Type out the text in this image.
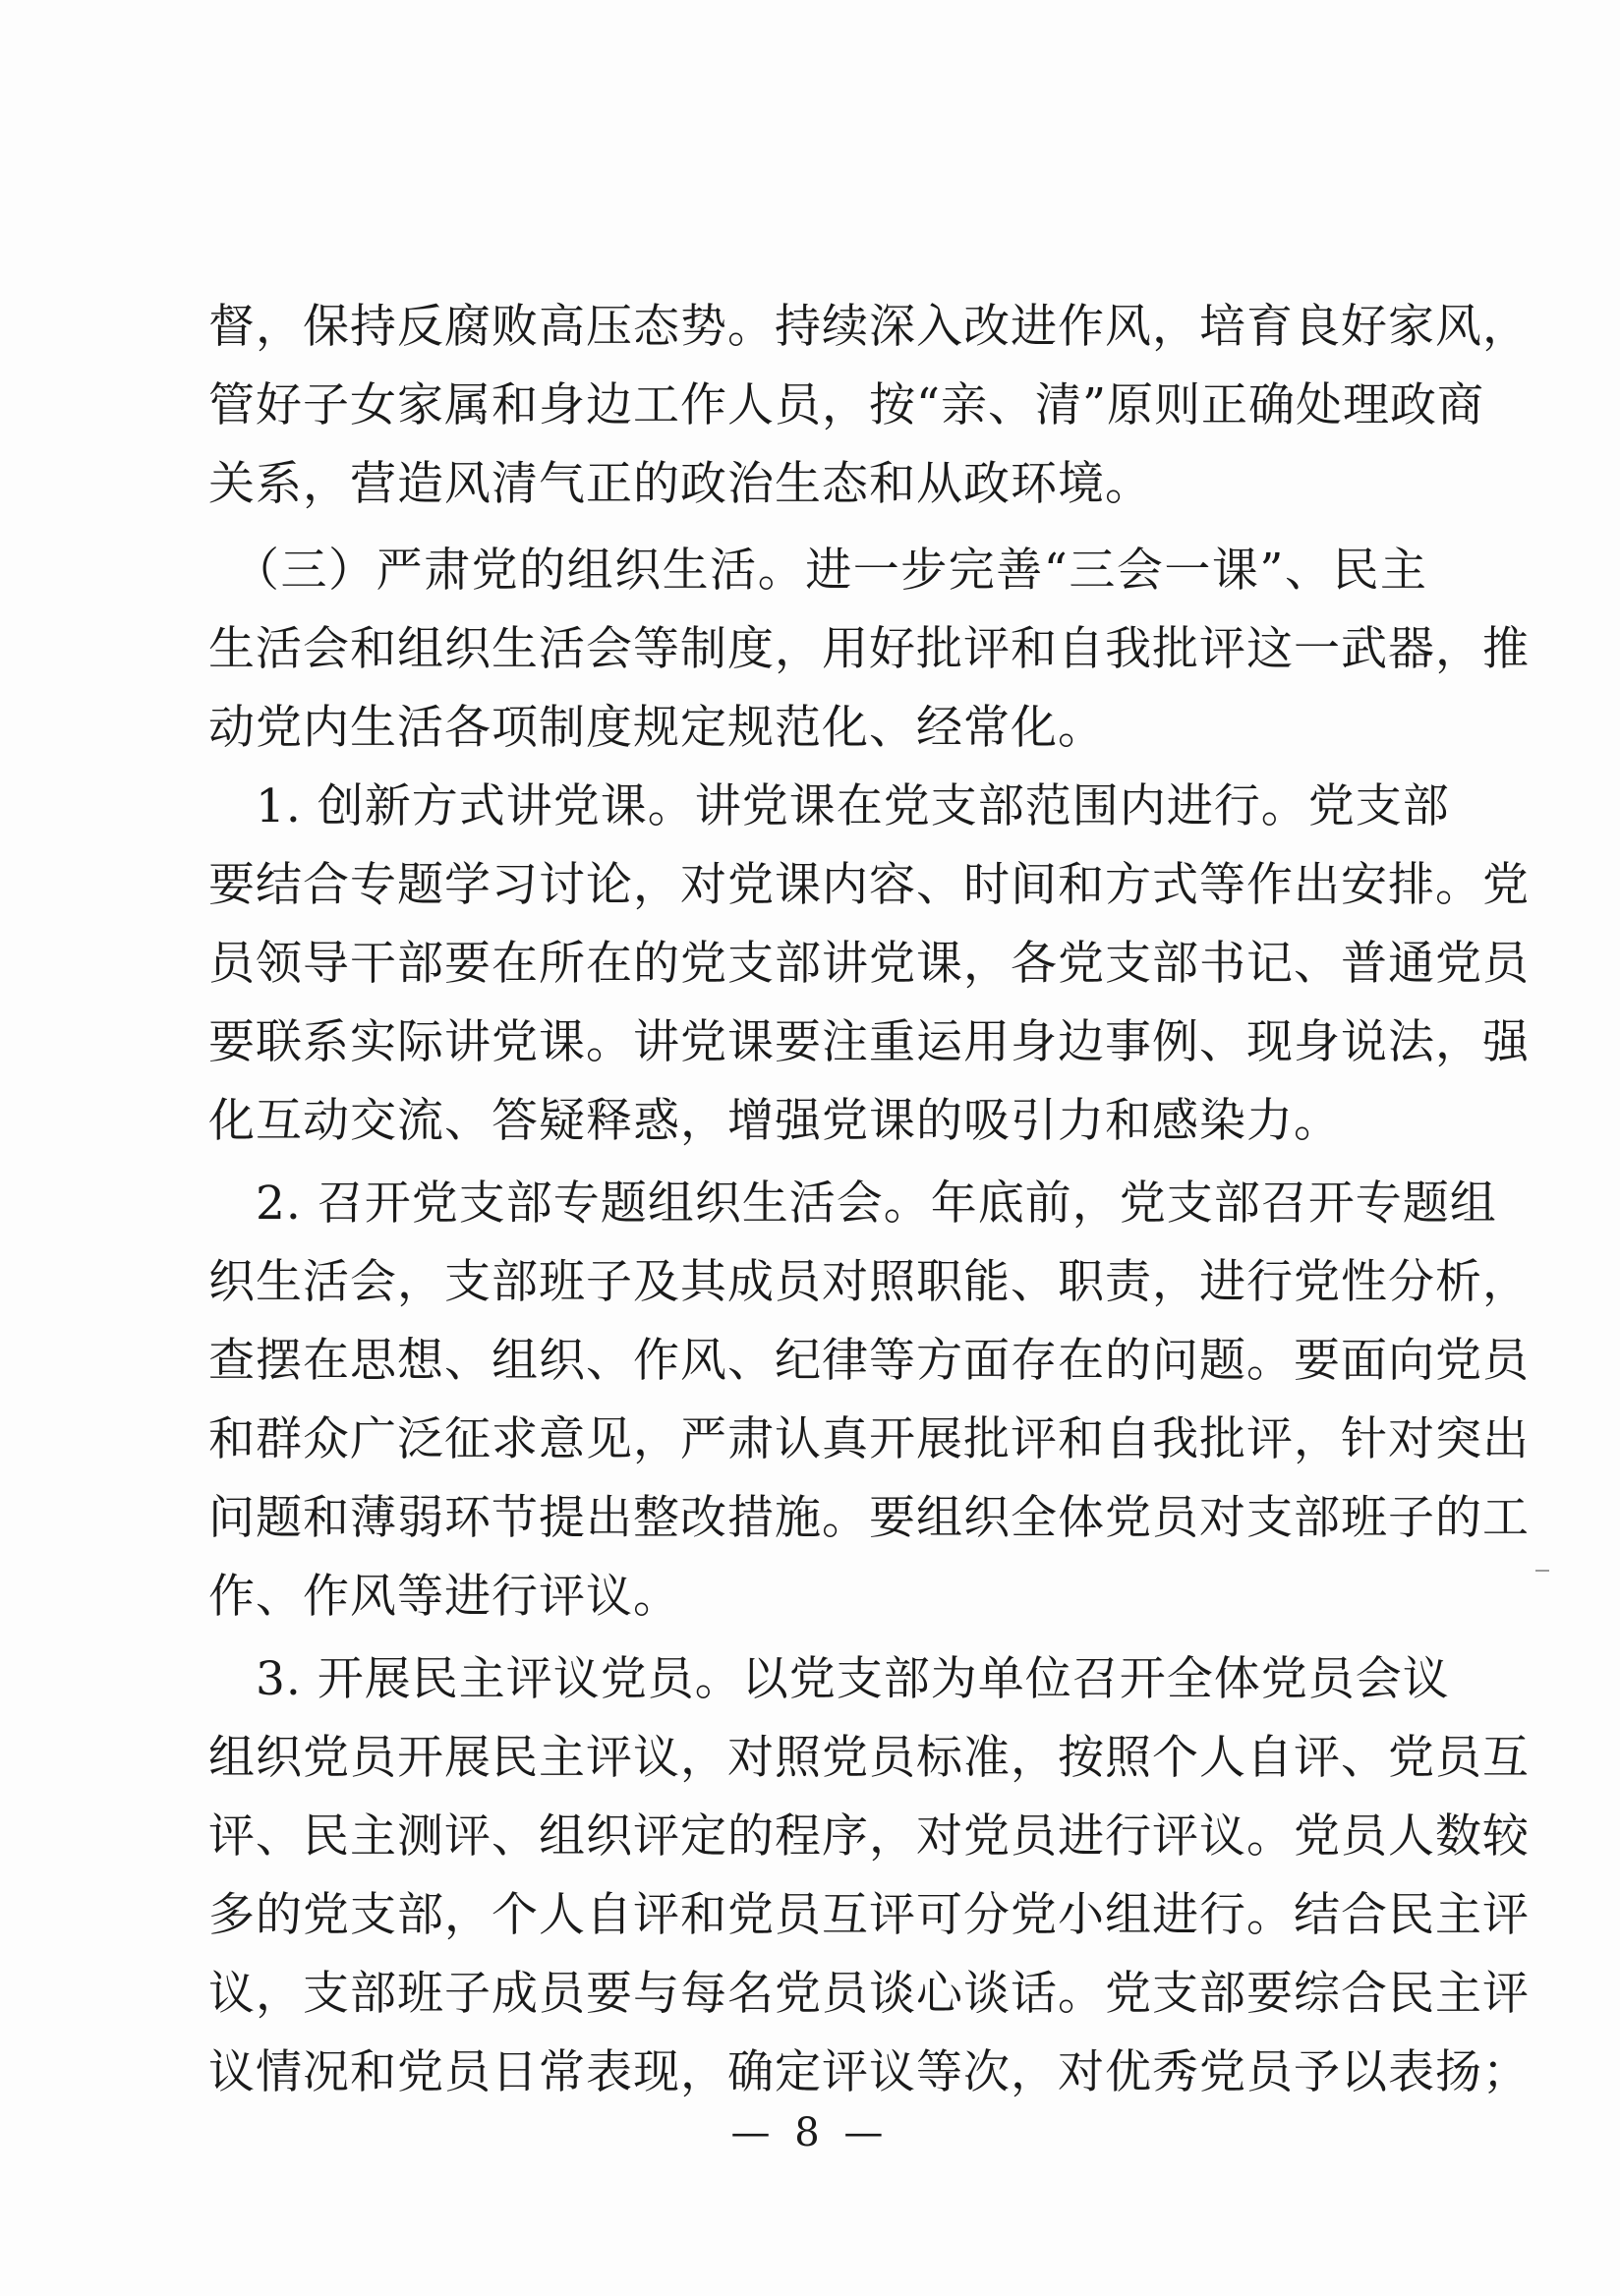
督，保持反腐败高压态势。持续深入改进作风，培育良好家风，
管好子女家属和身边工作人员，按“亲、清”原则正确处理政商
关系，营造风清气正的政治生态和从政环境。
　（三）严肃党的组织生活。进一步完善“三会一课”、民主
生活会和组织生活会等制度，用好批评和自我批评这一武器，推
动党内生活各项制度规定规范化、经常化。
　1. 创新方式讲党课。讲党课在党支部范围内进行。党支部
要结合专题学习讨论，对党课内容、时间和方式等作出安排。党
员领导干部要在所在的党支部讲党课，各党支部书记、普通党员
要联系实际讲党课。讲党课要注重运用身边事例、现身说法，强
化互动交流、答疑释惑，增强党课的吸引力和感染力。
　2. 召开党支部专题组织生活会。年底前，党支部召开专题组
织生活会，支部班子及其成员对照职能、职责，进行党性分析，
查摆在思想、组织、作风、纪律等方面存在的问题。要面向党员
和群众广泛征求意见，严肃认真开展批评和自我批评，针对突出
问题和薄弱环节提出整改措施。要组织全体党员对支部班子的工
作、作风等进行评议。
　3. 开展民主评议党员。以党支部为单位召开全体党员会议
组织党员开展民主评议，对照党员标准，按照个人自评、党员互
评、民主测评、组织评定的程序，对党员进行评议。党员人数较
多的党支部，个人自评和党员互评可分党小组进行。结合民主评
议，支部班子成员要与每名党员谈心谈话。党支部要综合民主评
议情况和党员日常表现，确定评议等次，对优秀党员予以表扬；
— 8 —
